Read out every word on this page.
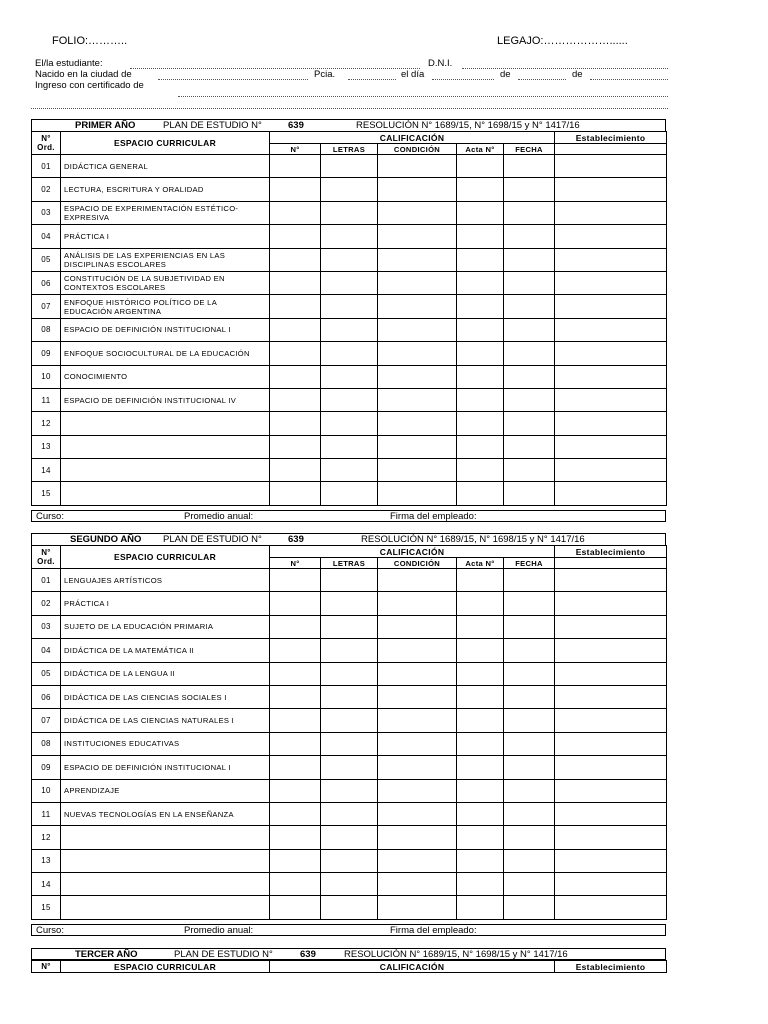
FOLIO:………..	LEGAJO:………………......
El/la estudiante:	D.N.I.
Nacido en la ciudad de	Pcia.	el día	de	de
Ingreso con certificado de
PRIMER AÑO	PLAN DE ESTUDIO N°	639	RESOLUCIÓN N° 1689/15, N° 1698/15 y N° 1417/16
N°
Ord.	ESPACIO CURRICULAR	CALIFICACIÓN					Establecimiento
		N°	LETRAS	CONDICIÓN	Acta N°	FECHA	
01	DIDÁCTICA GENERAL						
02	LECTURA, ESCRITURA Y ORALIDAD						
03	ESPACIO DE EXPERIMENTACIÓN ESTÉTICO-EXPRESIVA						
04	PRÁCTICA I						
05	ANÁLISIS DE LAS EXPERIENCIAS EN LAS DISCIPLINAS ESCOLARES						
06	CONSTITUCIÓN DE LA SUBJETIVIDAD EN CONTEXTOS ESCOLARES						
07	ENFOQUE HISTÓRICO POLÍTICO DE LA EDUCACIÓN ARGENTINA						
08	ESPACIO DE DEFINICIÓN INSTITUCIONAL I						
09	ENFOQUE SOCIOCULTURAL DE LA EDUCACIÓN						
10	CONOCIMIENTO						
11	ESPACIO DE DEFINICIÓN INSTITUCIONAL IV						
12							
13							
14							
15							
Curso:	Promedio anual:	Firma del empleado:
SEGUNDO AÑO PLAN DE ESTUDIO N°	639	RESOLUCIÓN N° 1689/15, N° 1698/15 y N° 1417/16
N°
Ord.	ESPACIO CURRICULAR	CALIFICACIÓN					Establecimiento
		N°	LETRAS	CONDICIÓN	Acta N°	FECHA	
01	LENGUAJES ARTÍSTICOS						
02	PRÁCTICA I						
03	SUJETO DE LA EDUCACIÓN PRIMARIA						
04	DIDÁCTICA DE LA MATEMÁTICA II						
05	DIDÁCTICA DE LA LENGUA II						
06	DIDÁCTICA DE LAS CIENCIAS SOCIALES I						
07	DIDÁCTICA DE LAS CIENCIAS NATURALES I						
08	INSTITUCIONES EDUCATIVAS						
09	ESPACIO DE DEFINICIÓN INSTITUCIONAL I						
10	APRENDIZAJE						
11	NUEVAS TECNOLOGÍAS EN LA ENSEÑANZA						
12							
13							
14							
15							
Curso:	Promedio anual:	Firma del empleado:
TERCER AÑO	PLAN DE ESTUDIO N°	639	RESOLUCIÓN N° 1689/15, N° 1698/15 y N° 1417/16
N°	ESPACIO CURRICULAR	CALIFICACIÓN	Establecimiento
